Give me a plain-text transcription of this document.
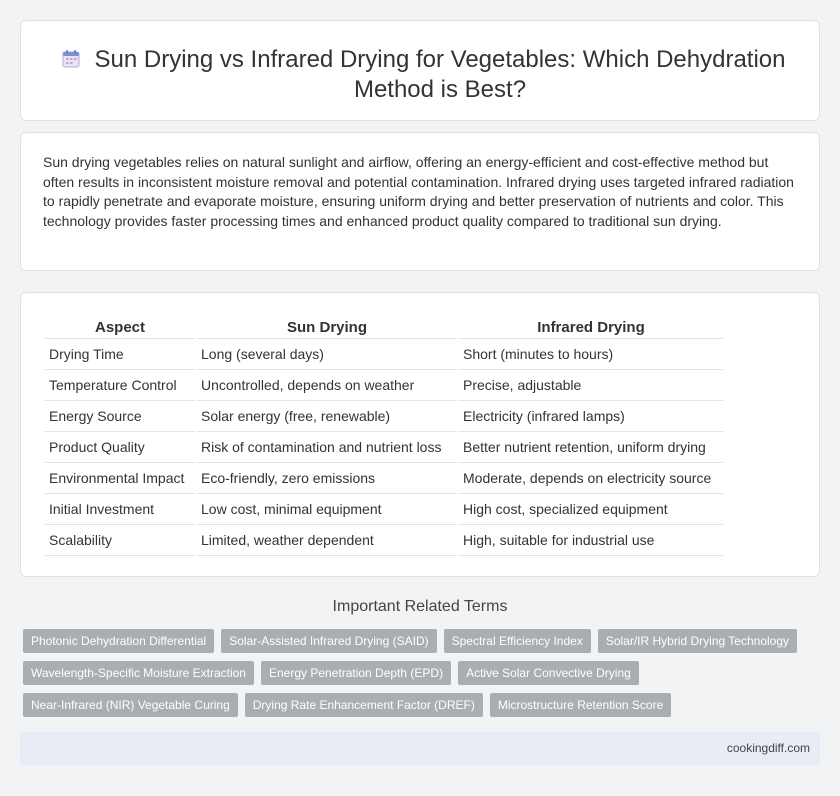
Sun Drying vs Infrared Drying for Vegetables: Which Dehydration Method is Best?

Sun drying vegetables relies on natural sunlight and airflow, offering an energy-efficient and cost-effective method but often results in inconsistent moisture removal and potential contamination. Infrared drying uses targeted infrared radiation to rapidly penetrate and evaporate moisture, ensuring uniform drying and better preservation of nutrients and color. This technology provides faster processing times and enhanced product quality compared to traditional sun drying.

Aspect	Sun Drying	Infrared Drying
Drying Time	Long (several days)	Short (minutes to hours)
Temperature Control	Uncontrolled, depends on weather	Precise, adjustable
Energy Source	Solar energy (free, renewable)	Electricity (infrared lamps)
Product Quality	Risk of contamination and nutrient loss	Better nutrient retention, uniform drying
Environmental Impact	Eco-friendly, zero emissions	Moderate, depends on electricity source
Initial Investment	Low cost, minimal equipment	High cost, specialized equipment
Scalability	Limited, weather dependent	High, suitable for industrial use
Important Related Terms
Photonic Dehydration Differential	Solar-Assisted Infrared Drying (SAID)	Spectral Efficiency Index	Solar/IR Hybrid Drying Technology
Wavelength-Specific Moisture Extraction	Energy Penetration Depth (EPD)	Active Solar Convective Drying
Near-Infrared (NIR) Vegetable Curing	Drying Rate Enhancement Factor (DREF)	Microstructure Retention Score
cookingdiff.com
